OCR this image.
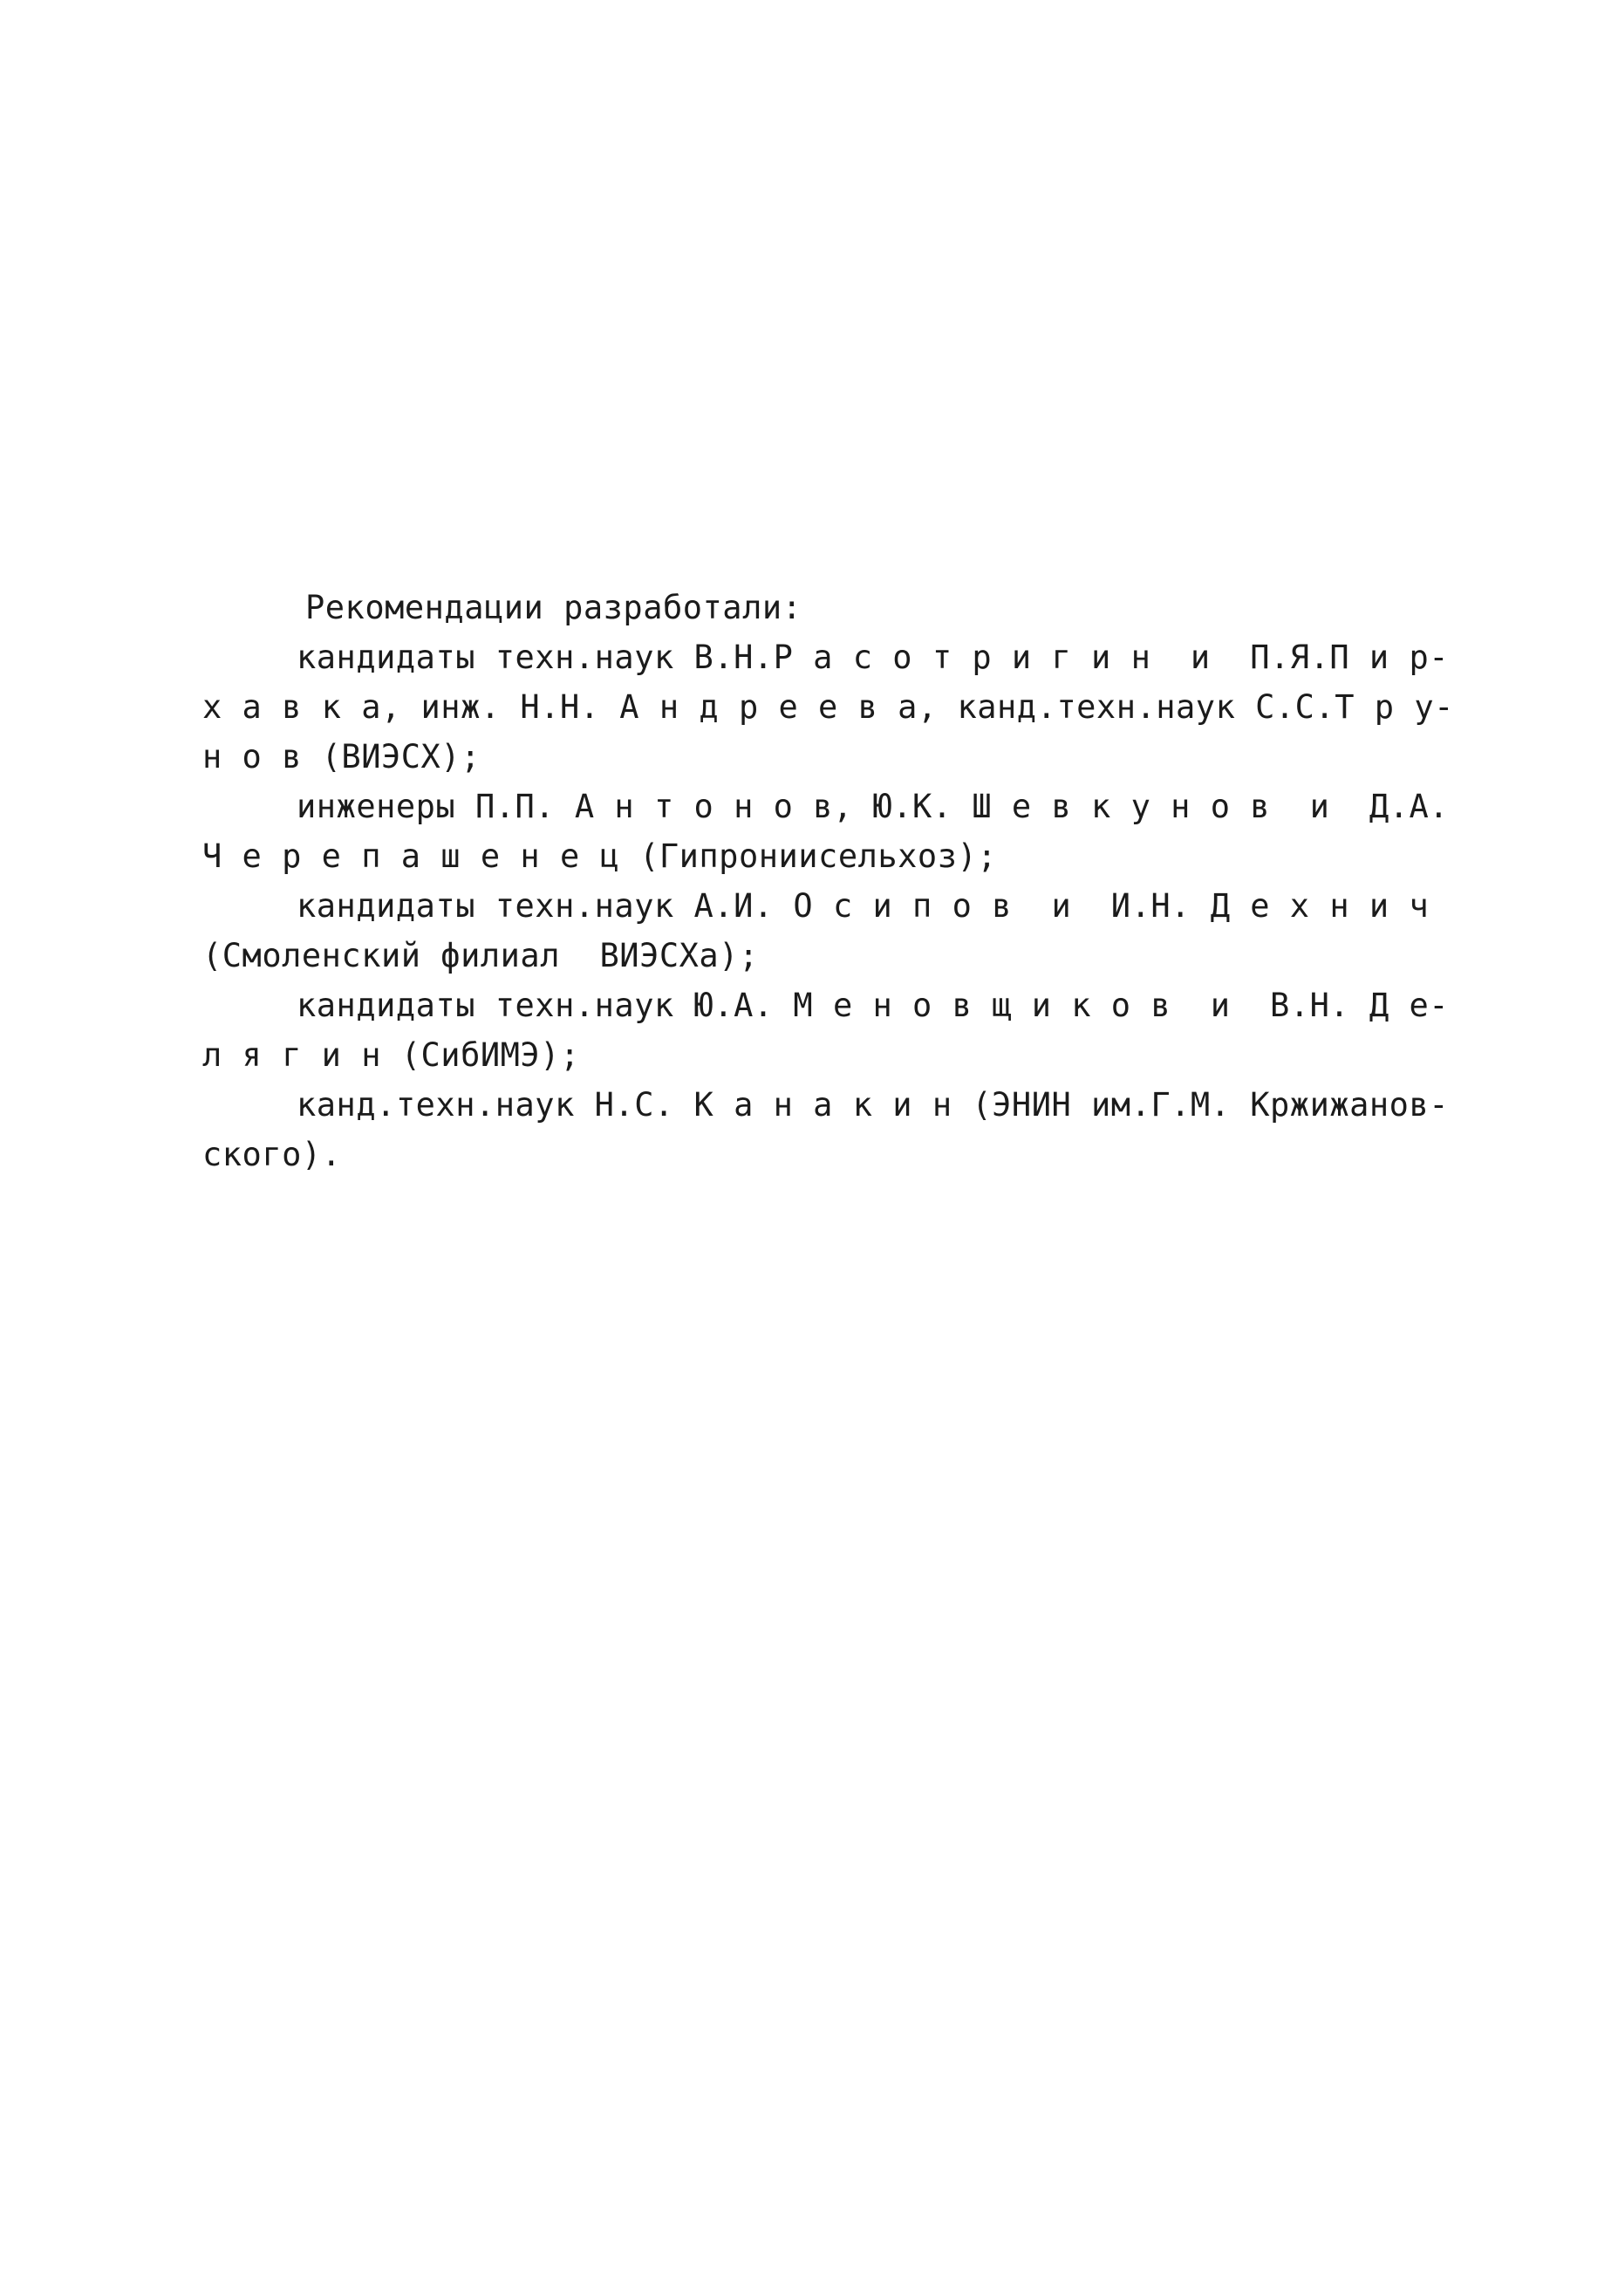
Рекомендации разработали:
кандидаты техн.наук В.Н.Р а с о т р и г и н  и  П.Я.П и р-
х а в к а, инж. Н.Н. А н д р е е в а, канд.техн.наук С.С.Т р у-
н о в (ВИЭСХ);
инженеры П.П. А н т о н о в, Ю.К. Ш е в к у н о в  и  Д.А.
Ч е р е п а ш е н е ц (Гипрониисельхоз);
кандидаты техн.наук А.И. О с и п о в  и  И.Н. Д е х н и ч
(Смоленский филиал  ВИЭСХа);
кандидаты техн.наук Ю.А. М е н о в щ и к о в  и  В.Н. Д е-
л я г и н (СибИМЭ);
канд.техн.наук Н.С. К а н а к и н (ЭНИН им.Г.М. Кржижанов-
ского).
